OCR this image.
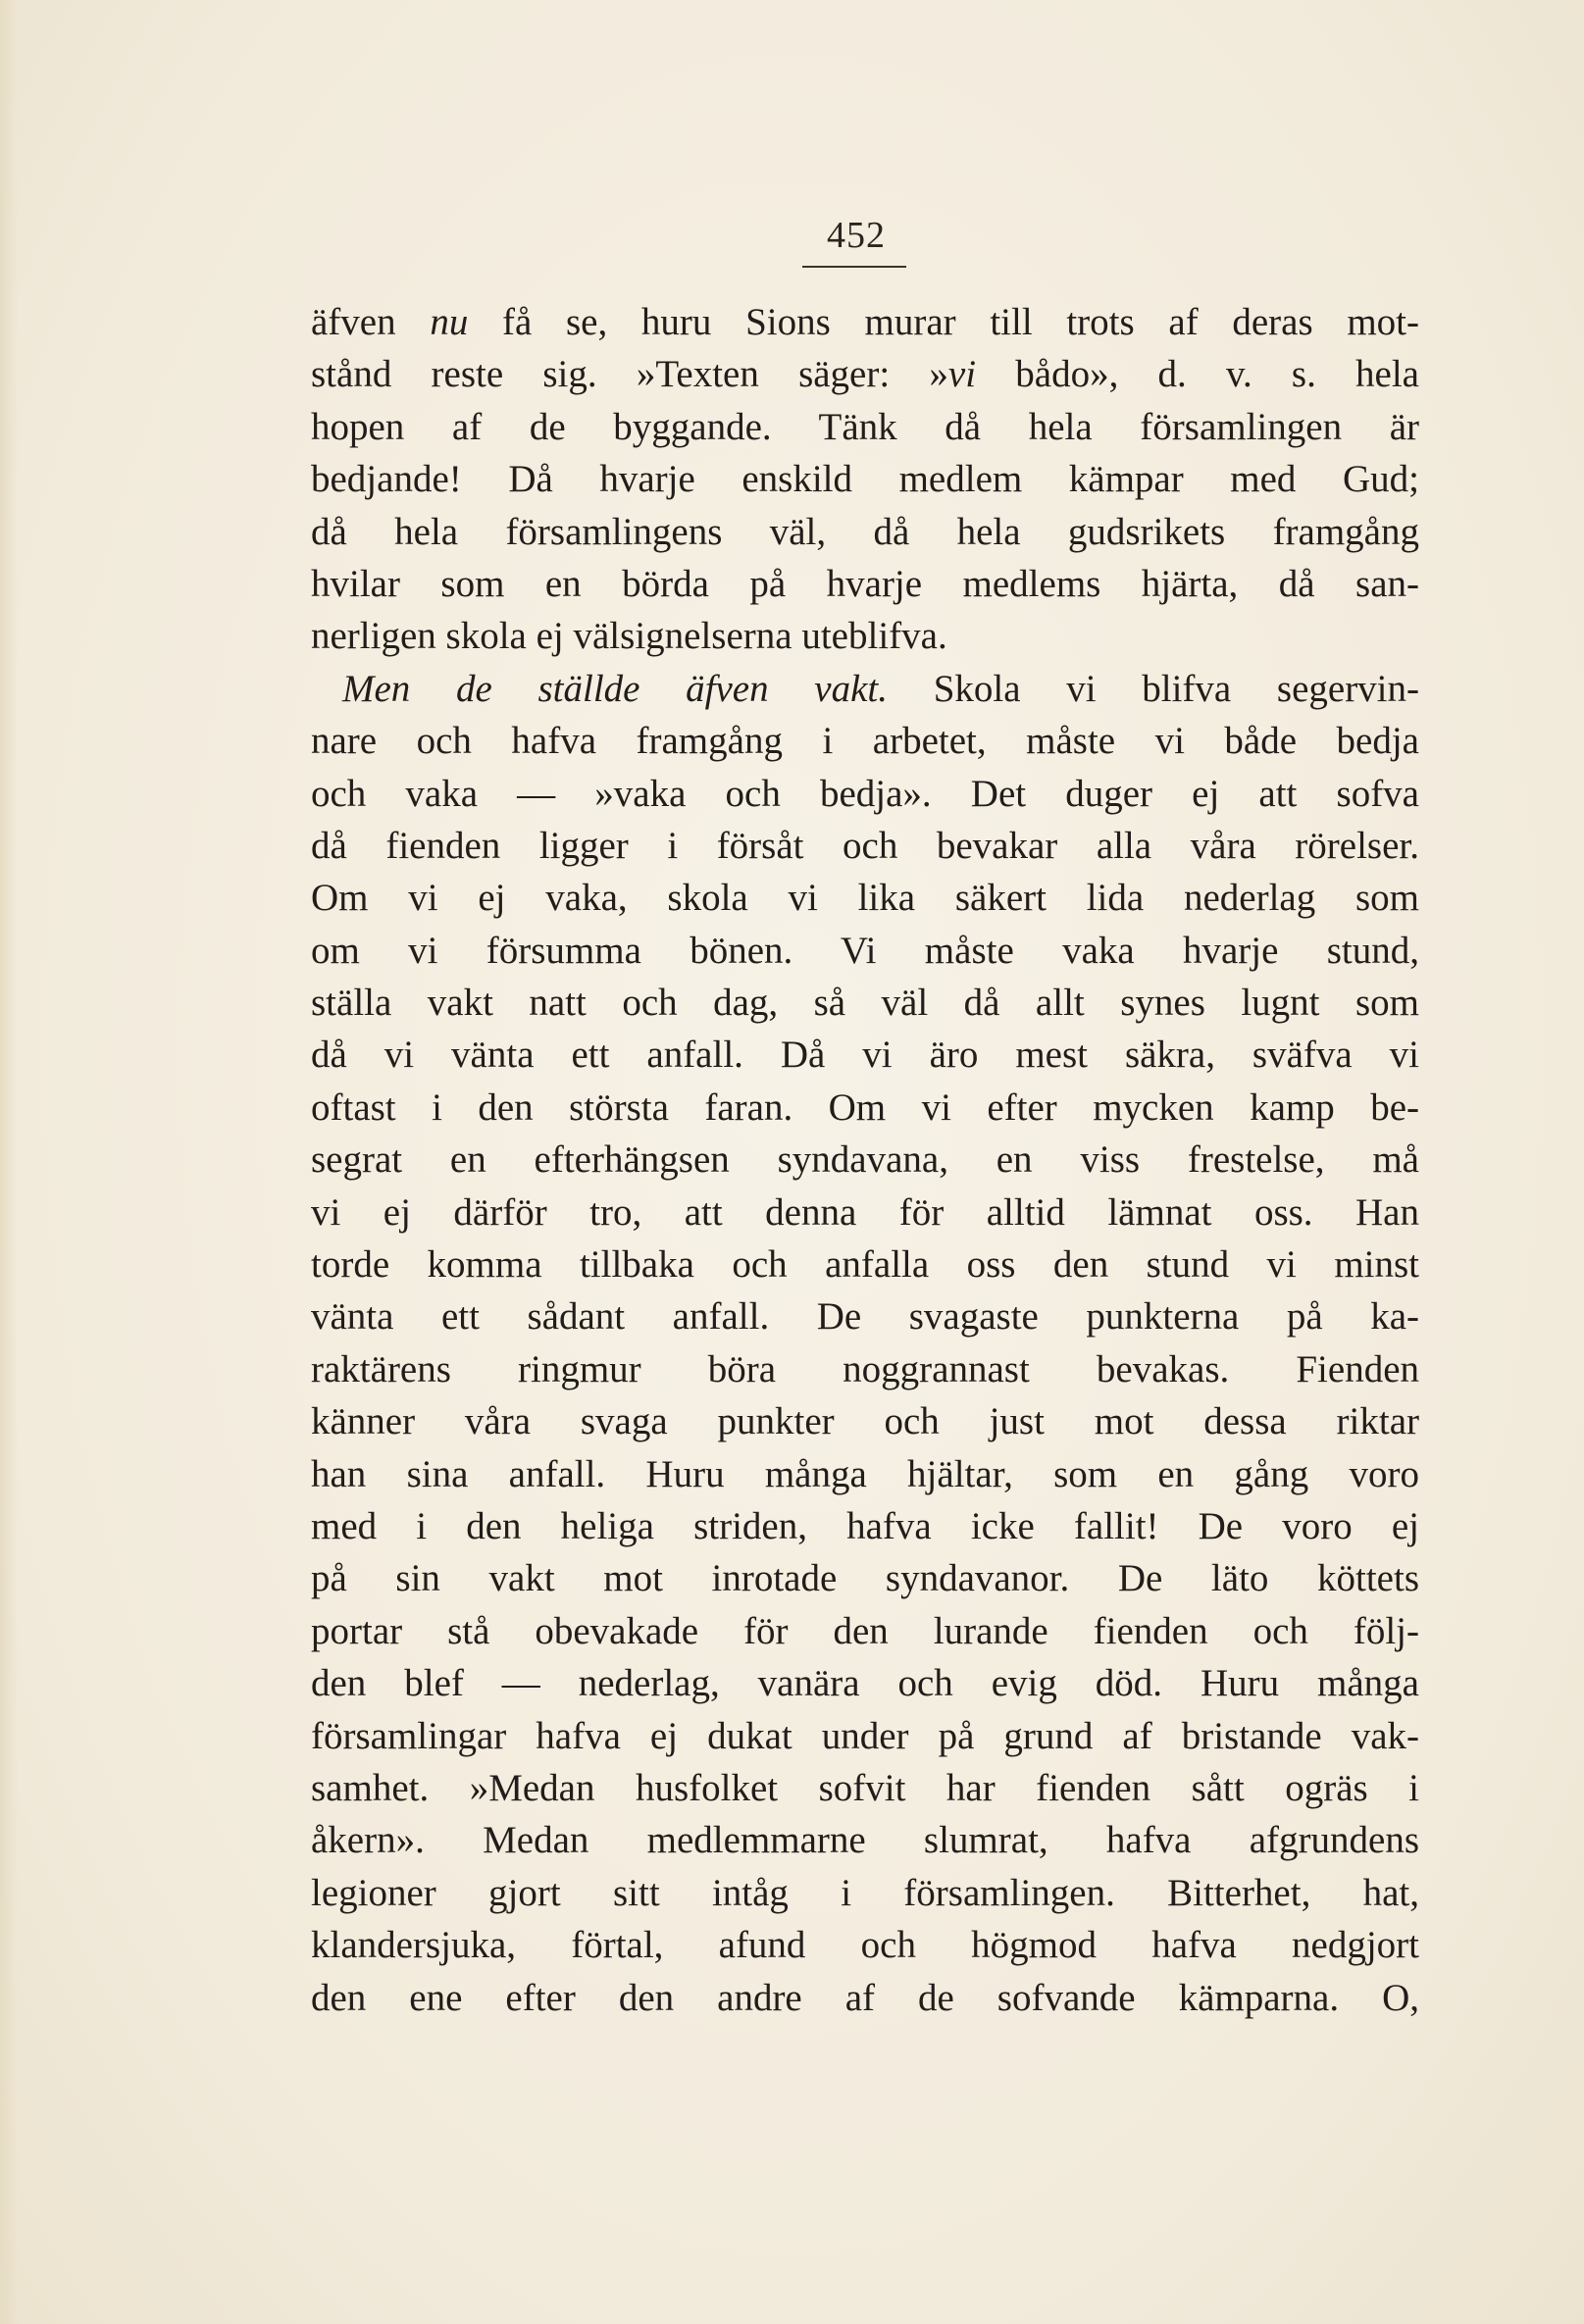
452
äfven nu få se, huru Sions murar till trots af deras mot-
stånd reste sig. »Texten säger: »vi bådo», d. v. s. hela
hopen af de byggande. Tänk då hela församlingen är
bedjande! Då hvarje enskild medlem kämpar med Gud;
då hela församlingens väl, då hela gudsrikets framgång
hvilar som en börda på hvarje medlems hjärta, då san-
nerligen skola ej välsignelserna uteblifva.
Men de ställde äfven vakt. Skola vi blifva segervin-
nare och hafva framgång i arbetet, måste vi både bedja
och vaka — »vaka och bedja». Det duger ej att sofva
då fienden ligger i försåt och bevakar alla våra rörelser.
Om vi ej vaka, skola vi lika säkert lida nederlag som
om vi försumma bönen. Vi måste vaka hvarje stund,
ställa vakt natt och dag, så väl då allt synes lugnt som
då vi vänta ett anfall. Då vi äro mest säkra, sväfva vi
oftast i den största faran. Om vi efter mycken kamp be-
segrat en efterhängsen syndavana, en viss frestelse, må
vi ej därför tro, att denna för alltid lämnat oss. Han
torde komma tillbaka och anfalla oss den stund vi minst
vänta ett sådant anfall. De svagaste punkterna på ka-
raktärens ringmur böra noggrannast bevakas. Fienden
känner våra svaga punkter och just mot dessa riktar
han sina anfall. Huru många hjältar, som en gång voro
med i den heliga striden, hafva icke fallit! De voro ej
på sin vakt mot inrotade syndavanor. De läto köttets
portar stå obevakade för den lurande fienden och följ-
den blef — nederlag, vanära och evig död. Huru många
församlingar hafva ej dukat under på grund af bristande vak-
samhet. »Medan husfolket sofvit har fienden sått ogräs i
åkern». Medan medlemmarne slumrat, hafva afgrundens
legioner gjort sitt intåg i församlingen. Bitterhet, hat,
klandersjuka, förtal, afund och högmod hafva nedgjort
den ene efter den andre af de sofvande kämparna. O,
